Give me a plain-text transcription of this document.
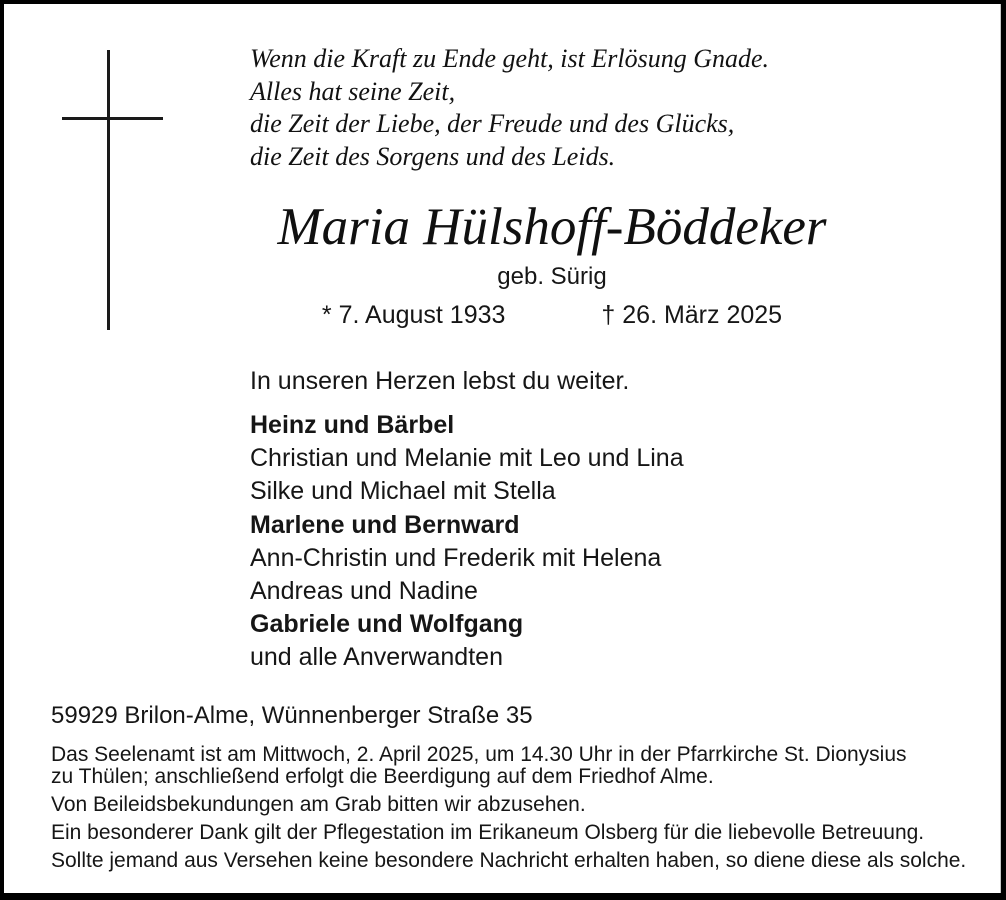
Wenn die Kraft zu Ende geht, ist Erlösung Gnade.
Alles hat seine Zeit,
die Zeit der Liebe, der Freude und des Glücks,
die Zeit des Sorgens und des Leids.
Maria Hülshoff-Böddeker
geb. Sürig
* 7. August 1933	† 26. März 2025
In unseren Herzen lebst du weiter.
Heinz und Bärbel
Christian und Melanie mit Leo und Lina
Silke und Michael mit Stella
Marlene und Bernward
Ann-Christin und Frederik mit Helena
Andreas und Nadine
Gabriele und Wolfgang
und alle Anverwandten
59929 Brilon-Alme, Wünnenberger Straße 35

Das Seelenamt ist am Mittwoch, 2. April 2025, um 14.30 Uhr in der Pfarrkirche St. Dionysius
zu Thülen; anschließend erfolgt die Beerdigung auf dem Friedhof Alme.

Von Beileidsbekundungen am Grab bitten wir abzusehen.

Ein besonderer Dank gilt der Pflegestation im Erikaneum Olsberg für die liebevolle Betreuung.

Sollte jemand aus Versehen keine besondere Nachricht erhalten haben, so diene diese als solche.
